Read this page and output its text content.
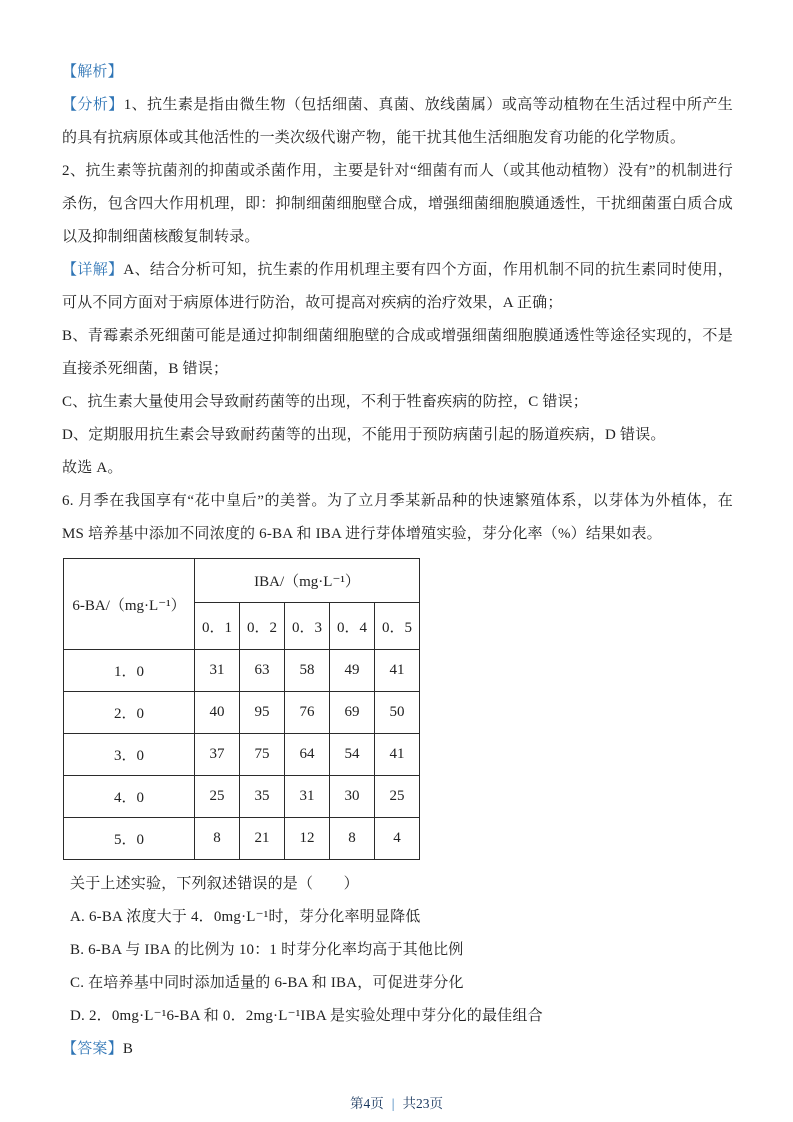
【解析】

【分析】1、抗生素是指由微生物（包括细菌、真菌、放线菌属）或高等动植物在生活过程中所产生的具有抗病原体或其他活性的一类次级代谢产物，能干扰其他生活细胞发育功能的化学物质。

2、抗生素等抗菌剂的抑菌或杀菌作用，主要是针对“细菌有而人（或其他动植物）没有”的机制进行杀伤，包含四大作用机理，即：抑制细菌细胞壁合成，增强细菌细胞膜通透性，干扰细菌蛋白质合成以及抑制细菌核酸复制转录。

【详解】A、结合分析可知，抗生素的作用机理主要有四个方面，作用机制不同的抗生素同时使用，可从不同方面对于病原体进行防治，故可提高对疾病的治疗效果，A 正确；

B、青霉素杀死细菌可能是通过抑制细菌细胞壁的合成或增强细菌细胞膜通透性等途径实现的，不是直接杀死细菌，B 错误；

C、抗生素大量使用会导致耐药菌等的出现，不利于牲畜疾病的防控，C 错误；

D、定期服用抗生素会导致耐药菌等的出现，不能用于预防病菌引起的肠道疾病，D 错误。

故选 A。

6. 月季在我国享有“花中皇后”的美誉。为了立月季某新品种的快速繁殖体系，以芽体为外植体，在 MS 培养基中添加不同浓度的 6-BA 和 IBA 进行芽体增殖实验，芽分化率（%）结果如表。

6-BA/（mg·L⁻¹）	IBA/（mg·L⁻¹）				
	0．1	0．2	0．3	0．4	0．5
1．0	31	63	58	49	41
2．0	40	95	76	69	50
3．0	37	75	64	54	41
4．0	25	35	31	30	25
5．0	8	21	12	8	4

关于上述实验，下列叙述错误的是（　　）

A. 6-BA 浓度大于 4．0mg·L⁻¹时，芽分化率明显降低

B. 6-BA 与 IBA 的比例为 10：1 时芽分化率均高于其他比例

C. 在培养基中同时添加适量的 6-BA 和 IBA，可促进芽分化

D. 2．0mg·L⁻¹6-BA 和 0．2mg·L⁻¹IBA 是实验处理中芽分化的最佳组合

【答案】B

第4页 | 共23页
